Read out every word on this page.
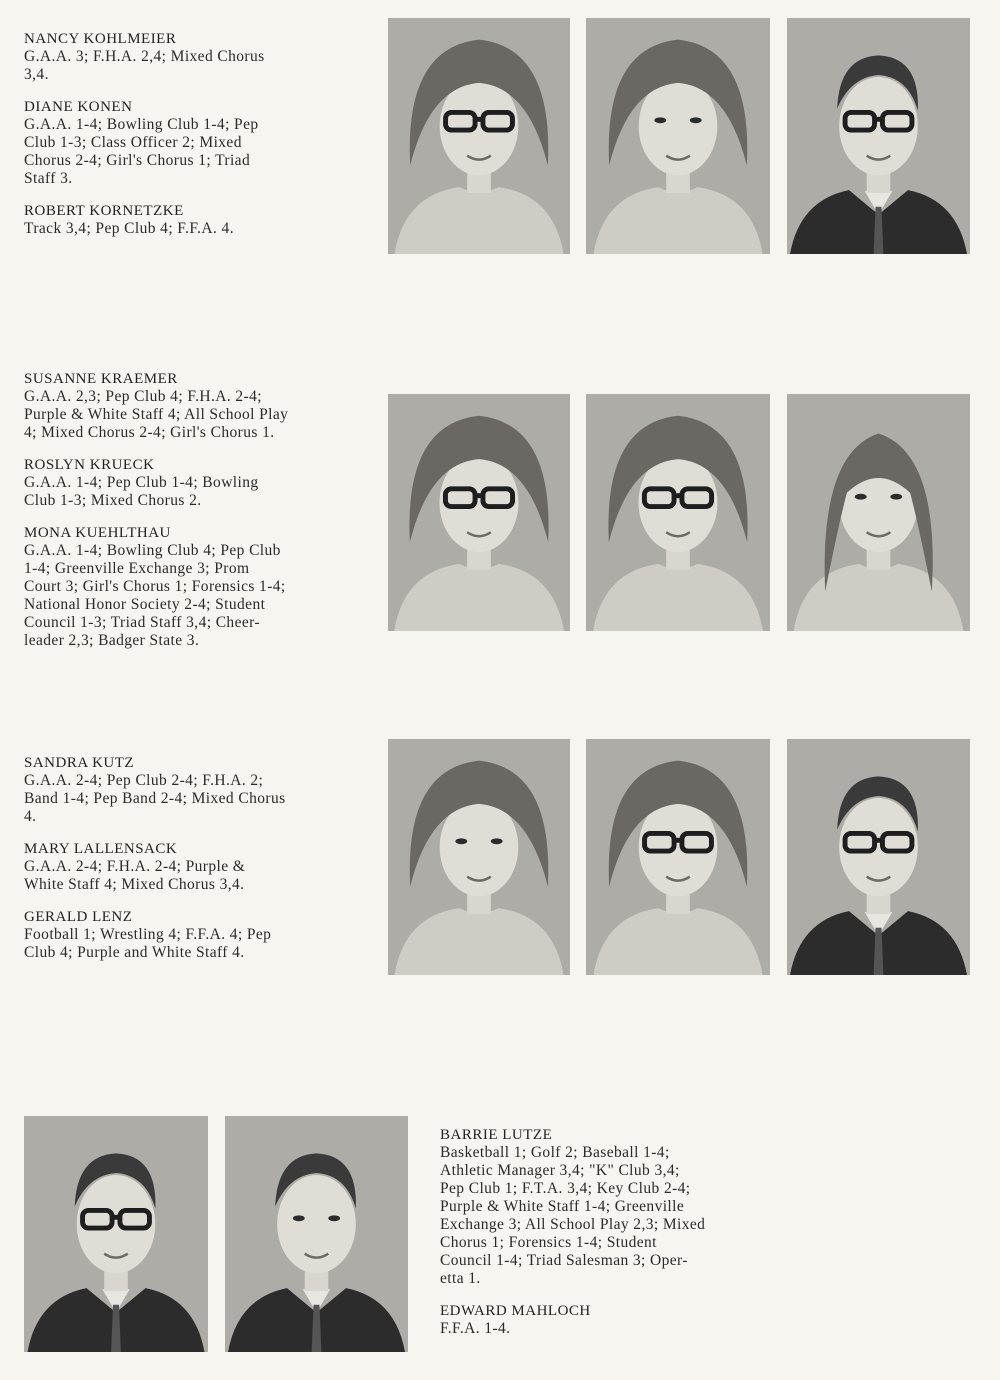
NANCY KOHLMEIER
G.A.A. 3; F.H.A. 2,4; Mixed Chorus
3,4.
DIANE KONEN
G.A.A. 1-4; Bowling Club 1-4; Pep
Club 1-3; Class Officer 2; Mixed
Chorus 2-4; Girl's Chorus 1; Triad
Staff 3.
ROBERT KORNETZKE
Track 3,4; Pep Club 4; F.F.A. 4.
SUSANNE KRAEMER
G.A.A. 2,3; Pep Club 4; F.H.A. 2-4;
Purple & White Staff 4; All School Play
4; Mixed Chorus 2-4; Girl's Chorus 1.
ROSLYN KRUECK
G.A.A. 1-4; Pep Club 1-4; Bowling
Club 1-3; Mixed Chorus 2.
MONA KUEHLTHAU
G.A.A. 1-4; Bowling Club 4; Pep Club
1-4; Greenville Exchange 3; Prom
Court 3; Girl's Chorus 1; Forensics 1-4;
National Honor Society 2-4; Student
Council 1-3; Triad Staff 3,4; Cheer-
leader 2,3; Badger State 3.
SANDRA KUTZ
G.A.A. 2-4; Pep Club 2-4; F.H.A. 2;
Band 1-4; Pep Band 2-4; Mixed Chorus
4.
MARY LALLENSACK
G.A.A. 2-4; F.H.A. 2-4; Purple &
White Staff 4; Mixed Chorus 3,4.
GERALD LENZ
Football 1; Wrestling 4; F.F.A. 4; Pep
Club 4; Purple and White Staff 4.
BARRIE LUTZE
Basketball 1; Golf 2; Baseball 1-4;
Athletic Manager 3,4; "K" Club 3,4;
Pep Club 1; F.T.A. 3,4; Key Club 2-4;
Purple & White Staff 1-4; Greenville
Exchange 3; All School Play 2,3; Mixed
Chorus 1; Forensics 1-4; Student
Council 1-4; Triad Salesman 3; Oper-
etta 1.
EDWARD MAHLOCH
F.F.A. 1-4.
